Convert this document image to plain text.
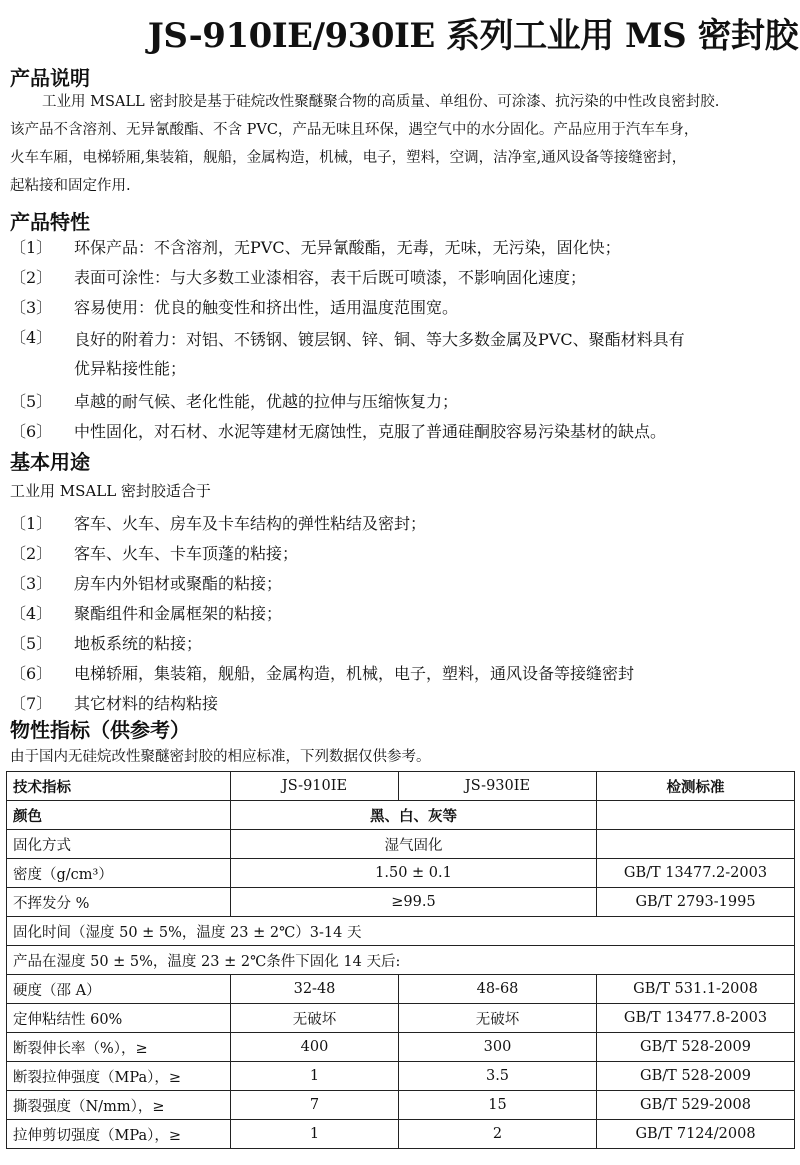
JS-910IE/930IE 系列工业用 MS 密封胶
产品说明

工业用 MSALL 密封胶是基于硅烷改性聚醚聚合物的高质量、单组份、可涂漆、抗污染的中性改良密封胶.

该产品不含溶剂、无异氰酸酯、不含 PVC，产品无味且环保，遇空气中的水分固化。产品应用于汽车车身，

火车车厢，电梯轿厢,集装箱，舰船，金属构造，机械，电子，塑料，空调，洁净室,通风设备等接缝密封，

起粘接和固定作用.

产品特性
〔1〕	环保产品：不含溶剂，无PVC、无异氰酸酯，无毒，无味，无污染，固化快；
〔2〕	表面可涂性：与大多数工业漆相容，表干后既可喷漆，不影响固化速度；
〔3〕	容易使用：优良的触变性和挤出性，适用温度范围宽。
〔4〕	良好的附着力：对铝、不锈钢、镀层钢、锌、铜、等大多数金属及PVC、聚酯材料具有
优异粘接性能；
〔5〕	卓越的耐气候、老化性能，优越的拉伸与压缩恢复力；
〔6〕	中性固化，对石材、水泥等建材无腐蚀性，克服了普通硅酮胶容易污染基材的缺点。
基本用途
工业用 MSALL 密封胶适合于
〔1〕	客车、火车、房车及卡车结构的弹性粘结及密封；
〔2〕	客车、火车、卡车顶蓬的粘接；
〔3〕	房车内外铝材或聚酯的粘接；
〔4〕	聚酯组件和金属框架的粘接；
〔5〕	地板系统的粘接；
〔6〕	电梯轿厢，集装箱，舰船，金属构造，机械，电子，塑料，通风设备等接缝密封
〔7〕	其它材料的结构粘接
物性指标（供参考）
由于国内无硅烷改性聚醚密封胶的相应标准，下列数据仅供参考。
技术指标	JS-910IE	JS-930IE	检测标准
颜色	黑、白、灰等		
固化方式	湿气固化		
密度（g/cm³）	1.50 ± 0.1		GB/T 13477.2-2003
不挥发分 %	≥99.5		GB/T 2793-1995
固化时间（湿度 50 ± 5%，温度 23 ± 2℃）3-14 天			
产品在湿度 50 ± 5%，温度 23 ± 2℃条件下固化 14 天后:			
硬度（邵 A）	32-48	48-68	GB/T 531.1-2008
定伸粘结性 60%	无破坏	无破坏	GB/T 13477.8-2003
断裂伸长率（%），≥	400	300	GB/T 528-2009
断裂拉伸强度（MPa），≥	1	3.5	GB/T 528-2009
撕裂强度（N/mm），≥	7	15	GB/T 529-2008
拉伸剪切强度（MPa），≥	1	2	GB/T 7124/2008
